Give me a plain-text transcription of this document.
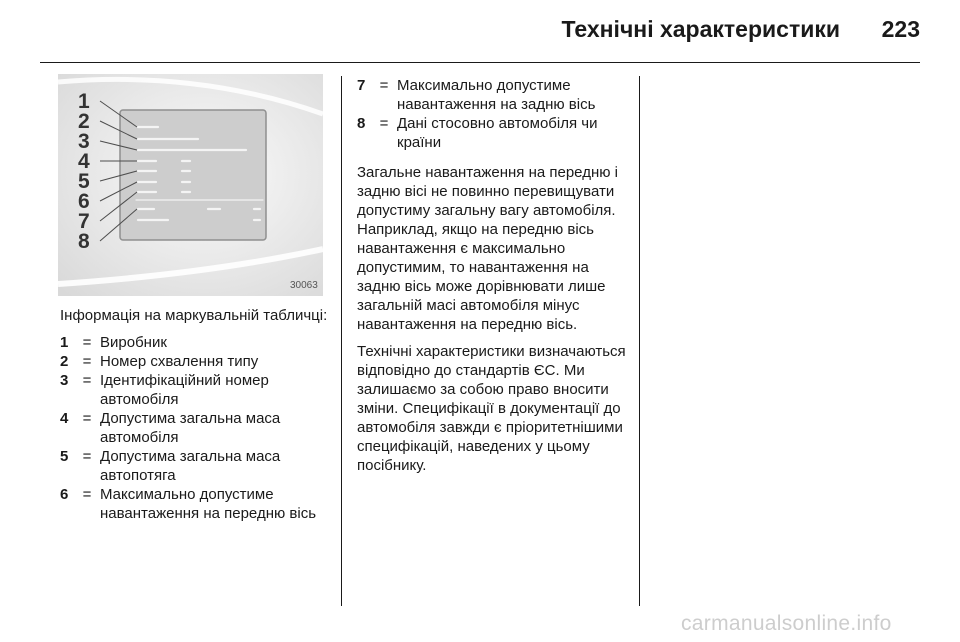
Технічні характеристики 223
1
2
3
4
5
6
7
8
30063

Інформація на маркувальній табличці:

1 = Виробник
2 = Номер схвалення типу
3 = Ідентифікаційний номер автомобіля
4 = Допустима загальна маса автомобіля
5 = Допустима загальна маса автопотяга
6 = Максимально допустиме навантаження на передню вісь
7 = Максимально допустиме навантаження на задню вісь
8 = Дані стосовно автомобіля чи країни

Загальне навантаження на передню і задню вісі не повинно перевищувати допустиму загальну вагу автомобіля. Наприклад, якщо на передню вісь навантаження є максимально допустимим, то навантаження на задню вісь може дорівнювати лише загальній масі автомобіля мінус навантаження на передню вісь.

Технічні характеристики визначаються відповідно до стандартів ЄС. Ми залишаємо за собою право вносити зміни. Специфікації в документації до автомобіля завжди є пріоритетнішими специфікацій, наведених у цьому посібнику.

carmanualsonline.info
